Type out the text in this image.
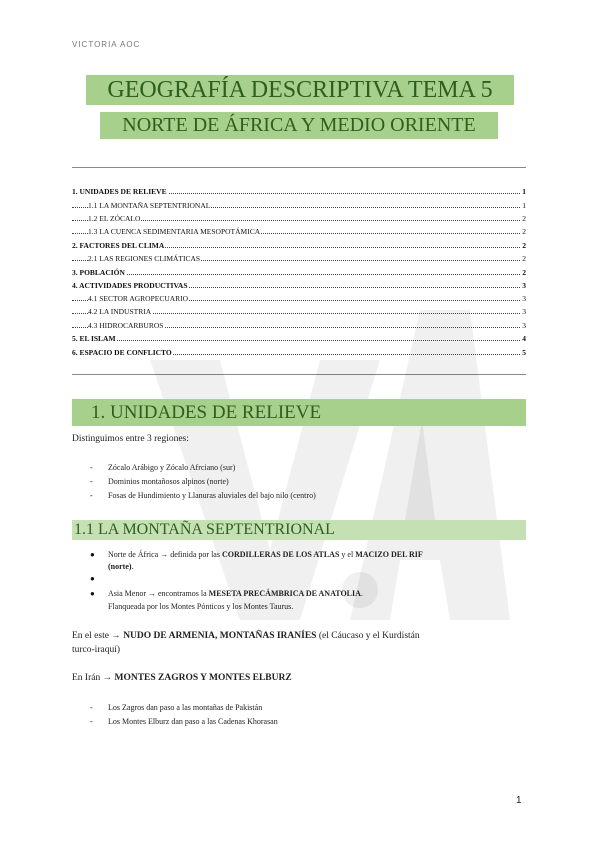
VICTORIA AOC
GEOGRAFÍA DESCRIPTIVA TEMA 5
NORTE DE ÁFRICA Y MEDIO ORIENTE
1. UNIDADES DE RELIEVE	1
1.1 LA MONTAÑA SEPTENTRIONAL	1
1.2 EL ZÓCALO	2
1.3 LA CUENCA SEDIMENTARIA MESOPOTÁMICA	2
2. FACTORES DEL CLIMA	2
2.1 LAS REGIONES CLIMÁTICAS	2
3. POBLACIÓN	2
4. ACTIVIDADES PRODUCTIVAS	3
4.1 SECTOR AGROPECUARIO	3
4.2 LA INDUSTRIA	3
4.3 HIDROCARBUROS	3
5. EL ISLAM	4
6. ESPACIO DE CONFLICTO	5
1. UNIDADES DE RELIEVE
Distinguimos entre 3 regiones:
- Zócalo Arábigo y Zócalo Afrciano (sur)
- Dominios montañosos alpinos (norte)
- Fosas de Hundimiento y Llanuras aluviales del bajo nilo (centro)
1.1 LA MONTAÑA SEPTENTRIONAL
● Norte de África → definida por las CORDILLERAS DE LOS ATLAS y el MACIZO DEL RIF
(norte).
●
● Asia Menor → encontramos la MESETA PRECÁMBRICA DE ANATOLIA.
Flanqueada por los Montes Pónticos y los Montes Taurus.
En el este → NUDO DE ARMENIA, MONTAÑAS IRANÍES (el Cáucaso y el Kurdistán
turco-iraquí)
En Irán → MONTES ZAGROS Y MONTES ELBURZ
- Los Zagros dan paso a las montañas de Pakistán
- Los Montes Elburz dan paso a las Cadenas Khorasan
1
